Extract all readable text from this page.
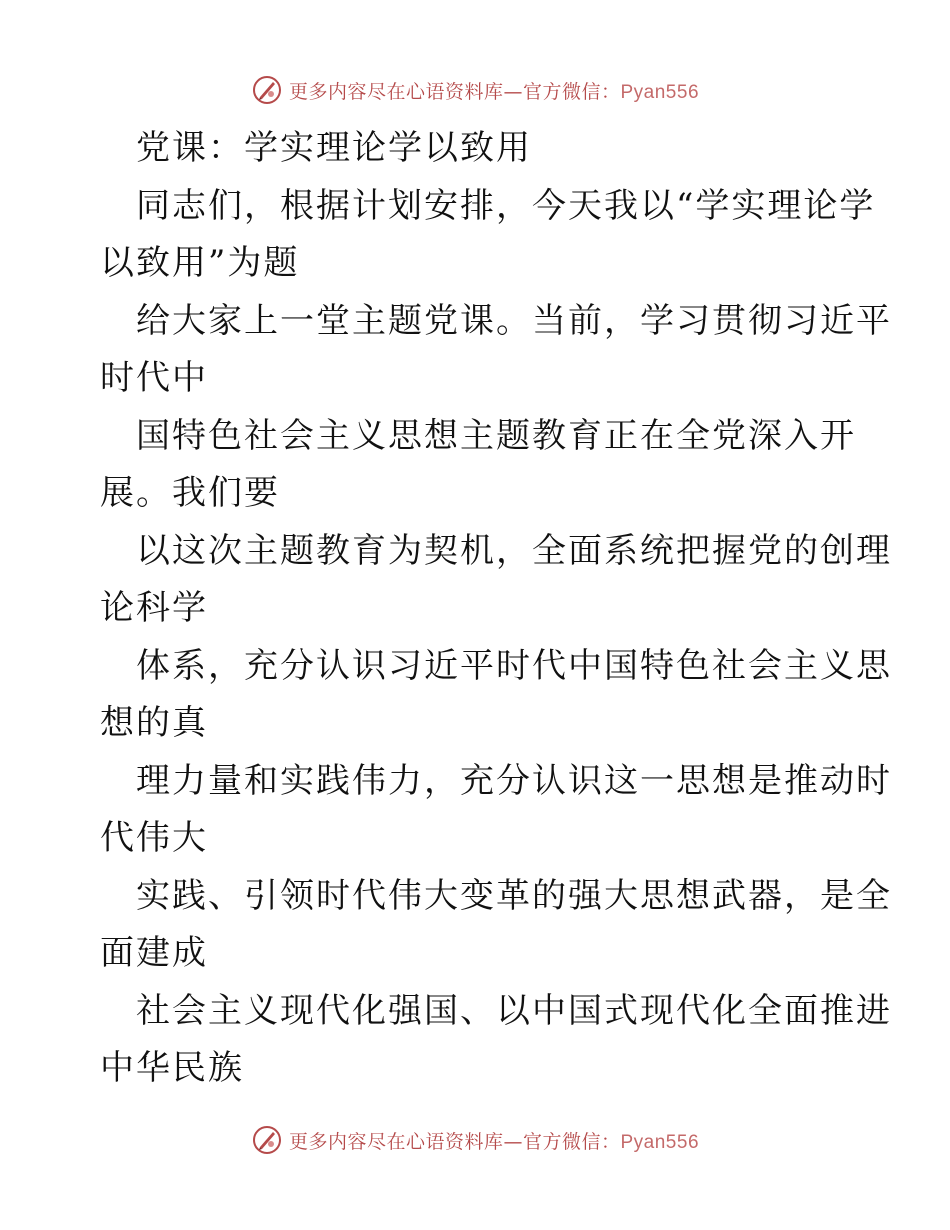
更多内容尽在心语资料库—官方微信：Pyan556
党课：学实理论学以致用
同志们，根据计划安排，今天我以“学实理论学
以致用”为题
给大家上一堂主题党课。当前，学习贯彻习近平
时代中
国特色社会主义思想主题教育正在全党深入开
展。我们要
以这次主题教育为契机，全面系统把握党的创理
论科学
体系，充分认识习近平时代中国特色社会主义思
想的真
理力量和实践伟力，充分认识这一思想是推动时
代伟大
实践、引领时代伟大变革的强大思想武器，是全
面建成
社会主义现代化强国、以中国式现代化全面推进
中华民族
更多内容尽在心语资料库—官方微信：Pyan556
